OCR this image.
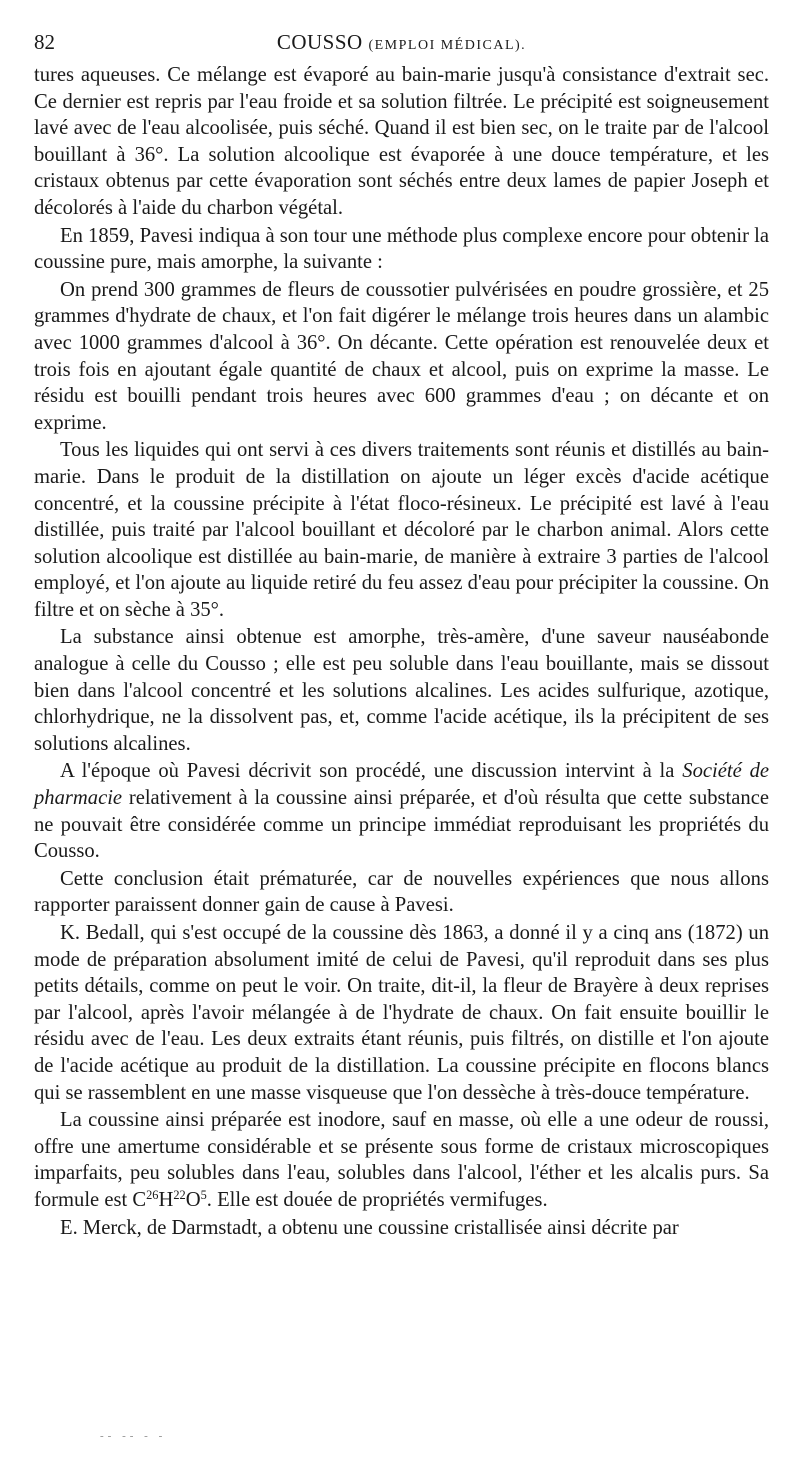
82	COUSSO (EMPLOI MÉDICAL).

tures aqueuses. Ce mélange est évaporé au bain-marie jusqu'à consistance d'extrait sec. Ce dernier est repris par l'eau froide et sa solution filtrée. Le précipité est soigneusement lavé avec de l'eau alcoolisée, puis séché. Quand il est bien sec, on le traite par de l'alcool bouillant à 36°. La solution alcoolique est évaporée à une douce température, et les cristaux obtenus par cette évaporation sont séchés entre deux lames de papier Joseph et décolorés à l'aide du charbon végétal.

En 1859, Pavesi indiqua à son tour une méthode plus complexe encore pour obtenir la coussine pure, mais amorphe, la suivante :

On prend 300 grammes de fleurs de coussotier pulvérisées en poudre grossière, et 25 grammes d'hydrate de chaux, et l'on fait digérer le mélange trois heures dans un alambic avec 1000 grammes d'alcool à 36°. On décante. Cette opération est renouvelée deux et trois fois en ajoutant égale quantité de chaux et alcool, puis on exprime la masse. Le résidu est bouilli pendant trois heures avec 600 grammes d'eau ; on décante et on exprime.

Tous les liquides qui ont servi à ces divers traitements sont réunis et distillés au bain-marie. Dans le produit de la distillation on ajoute un léger excès d'acide acétique concentré, et la coussine précipite à l'état floco-résineux. Le précipité est lavé à l'eau distillée, puis traité par l'alcool bouillant et décoloré par le charbon animal. Alors cette solution alcoolique est distillée au bain-marie, de manière à extraire 3 parties de l'alcool employé, et l'on ajoute au liquide retiré du feu assez d'eau pour précipiter la coussine. On filtre et on sèche à 35°.

La substance ainsi obtenue est amorphe, très-amère, d'une saveur nauséabonde analogue à celle du Cousso ; elle est peu soluble dans l'eau bouillante, mais se dissout bien dans l'alcool concentré et les solutions alcalines. Les acides sulfurique, azotique, chlorhydrique, ne la dissolvent pas, et, comme l'acide acétique, ils la précipitent de ses solutions alcalines.

A l'époque où Pavesi décrivit son procédé, une discussion intervint à la Société de pharmacie relativement à la coussine ainsi préparée, et d'où résulta que cette substance ne pouvait être considérée comme un principe immédiat reproduisant les propriétés du Cousso.

Cette conclusion était prématurée, car de nouvelles expériences que nous allons rapporter paraissent donner gain de cause à Pavesi.

K. Bedall, qui s'est occupé de la coussine dès 1863, a donné il y a cinq ans (1872) un mode de préparation absolument imité de celui de Pavesi, qu'il reproduit dans ses plus petits détails, comme on peut le voir. On traite, dit-il, la fleur de Brayère à deux reprises par l'alcool, après l'avoir mélangée à de l'hydrate de chaux. On fait ensuite bouillir le résidu avec de l'eau. Les deux extraits étant réunis, puis filtrés, on distille et l'on ajoute de l'acide acétique au produit de la distillation. La coussine précipite en flocons blancs qui se rassemblent en une masse visqueuse que l'on dessèche à très-douce température.

La coussine ainsi préparée est inodore, sauf en masse, où elle a une odeur de roussi, offre une amertume considérable et se présente sous forme de cristaux microscopiques imparfaits, peu solubles dans l'eau, solubles dans l'alcool, l'éther et les alcalis purs. Sa formule est $C^{26}H^{22}O^5$. Elle est douée de propriétés vermifuges.

E. Merck, de Darmstadt, a obtenu une coussine cristallisée ainsi décrite par

-- -- - -
